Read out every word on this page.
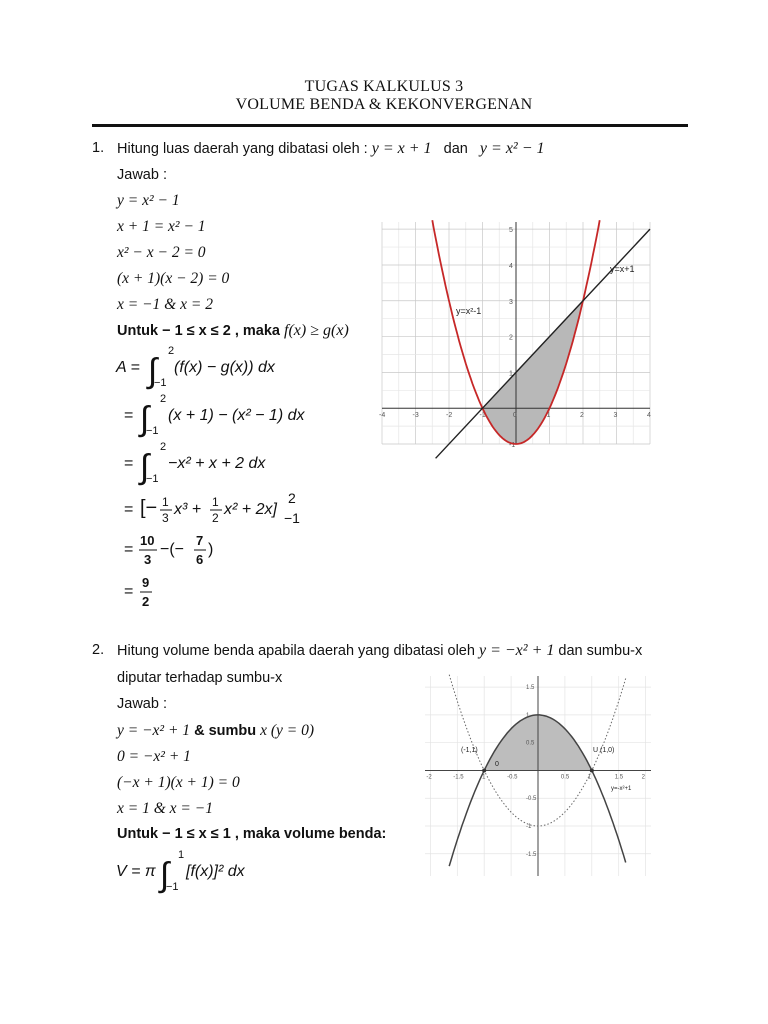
TUGAS KALKULUS 3
VOLUME BENDA & KEKONVERGENAN
1. Hitung luas daerah yang dibatasi oleh : y = x + 1 dan y = x² − 1
Jawab :
y = x² − 1
x + 1 = x² − 1
x² − x − 2 = 0
(x + 1)(x − 2) = 0
x = −1 & x = 2
Untuk − 1 ≤ x ≤ 2 , maka f(x) ≥ g(x)
A = ∫
2
−1
(f(x) − g(x)) dx
= ∫
2
−1
(x + 1) − (x² − 1) dx
= ∫
2
−1
−x² + x + 2 dx
= [− 1
3 x³ + 1
2 x² + 2x]
2
−1
=
10
3
−(−
7
6
)
=
9
2
-4	-3	-2	-1	0	1	2	3	4
-1
1
2
3
4
5
y=x+1
y=x²-1
2. Hitung volume benda apabila daerah yang dibatasi oleh y = −x² + 1 dan sumbu-x
diputar terhadap sumbu-x
Jawab :
y = −x² + 1 & sumbu x (y = 0)
0 = −x² + 1
(−x + 1)(x + 1) = 0
x = 1 & x = −1
Untuk − 1 ≤ x ≤ 1 , maka volume benda:
V = π ∫
1
−1
[f(x)]² dx
-2	-1.5	-1	-0.5	0.5	1	1.5	2
1.5
1
0.5
-0.5
-1
-1.5
(-1,1)	U (1,0)
0
y=-x²+1
